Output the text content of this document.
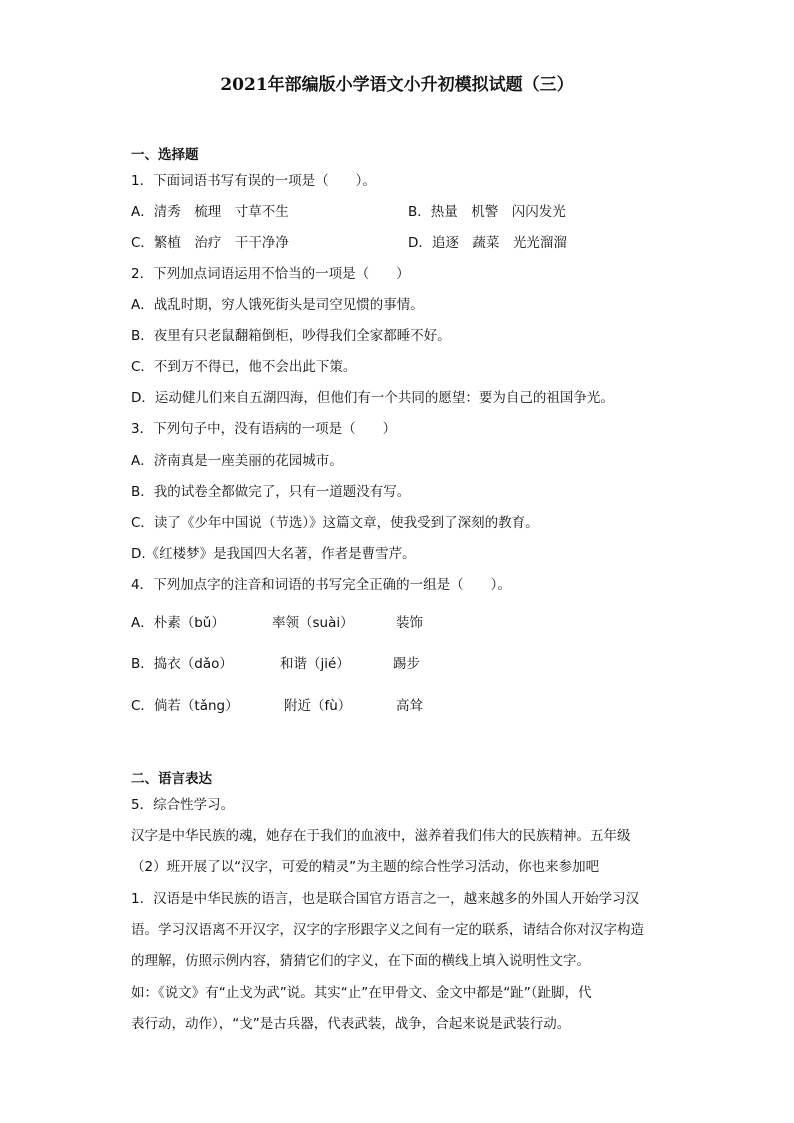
2021年部编版小学语文小升初模拟试题（三）
一、选择题
1．下面词语书写有误的一项是（　　）。
A．清秀　梳理　寸草不生	B．热量　机警　闪闪发光
C．繁植　治疗　干干净净	D．追逐　蔬菜　光光溜溜
2．下列加点词语运用不恰当的一项是（　　）
A．战乱时期，穷人饿死街头是司空见惯的事情。
B．夜里有只老鼠翻箱倒柜，吵得我们全家都睡不好。
C．不到万不得已，他不会出此下策。
D．运动健儿们来自五湖四海，但他们有一个共同的愿望：要为自己的祖国争光。
3．下列句子中，没有语病的一项是（　　）
A．济南真是一座美丽的花园城市。
B．我的试卷全都做完了，只有一道题没有写。
C．读了《少年中国说（节选）》这篇文章，使我受到了深刻的教育。
D.《红楼梦》是我国四大名著，作者是曹雪芹。
4．下列加点字的注音和词语的书写完全正确的一组是（　　）。
A．朴素（bǔ）	率领（suài）	装饰
B．捣衣（dǎo）	和谐（jié）	踢步
C．倘若（tǎng）	附近（fù）	高耸
二、语言表达
5．综合性学习。
汉字是中华民族的魂，她存在于我们的血液中，滋养着我们伟大的民族精神。五年级
（2）班开展了以“汉字，可爱的精灵”为主题的综合性学习活动，你也来参加吧
1．汉语是中华民族的语言，也是联合国官方语言之一，越来越多的外国人开始学习汉
语。学习汉语离不开汉字，汉字的字形跟字义之间有一定的联系，请结合你对汉字构造
的理解，仿照示例内容，猜猜它们的字义，在下面的横线上填入说明性文字。
如：《说文》有“止戈为武”说。其实“止”在甲骨文、金文中都是“趾”（趾脚，代
表行动，动作），“戈”是古兵器，代表武装，战争，合起来说是武装行动。
